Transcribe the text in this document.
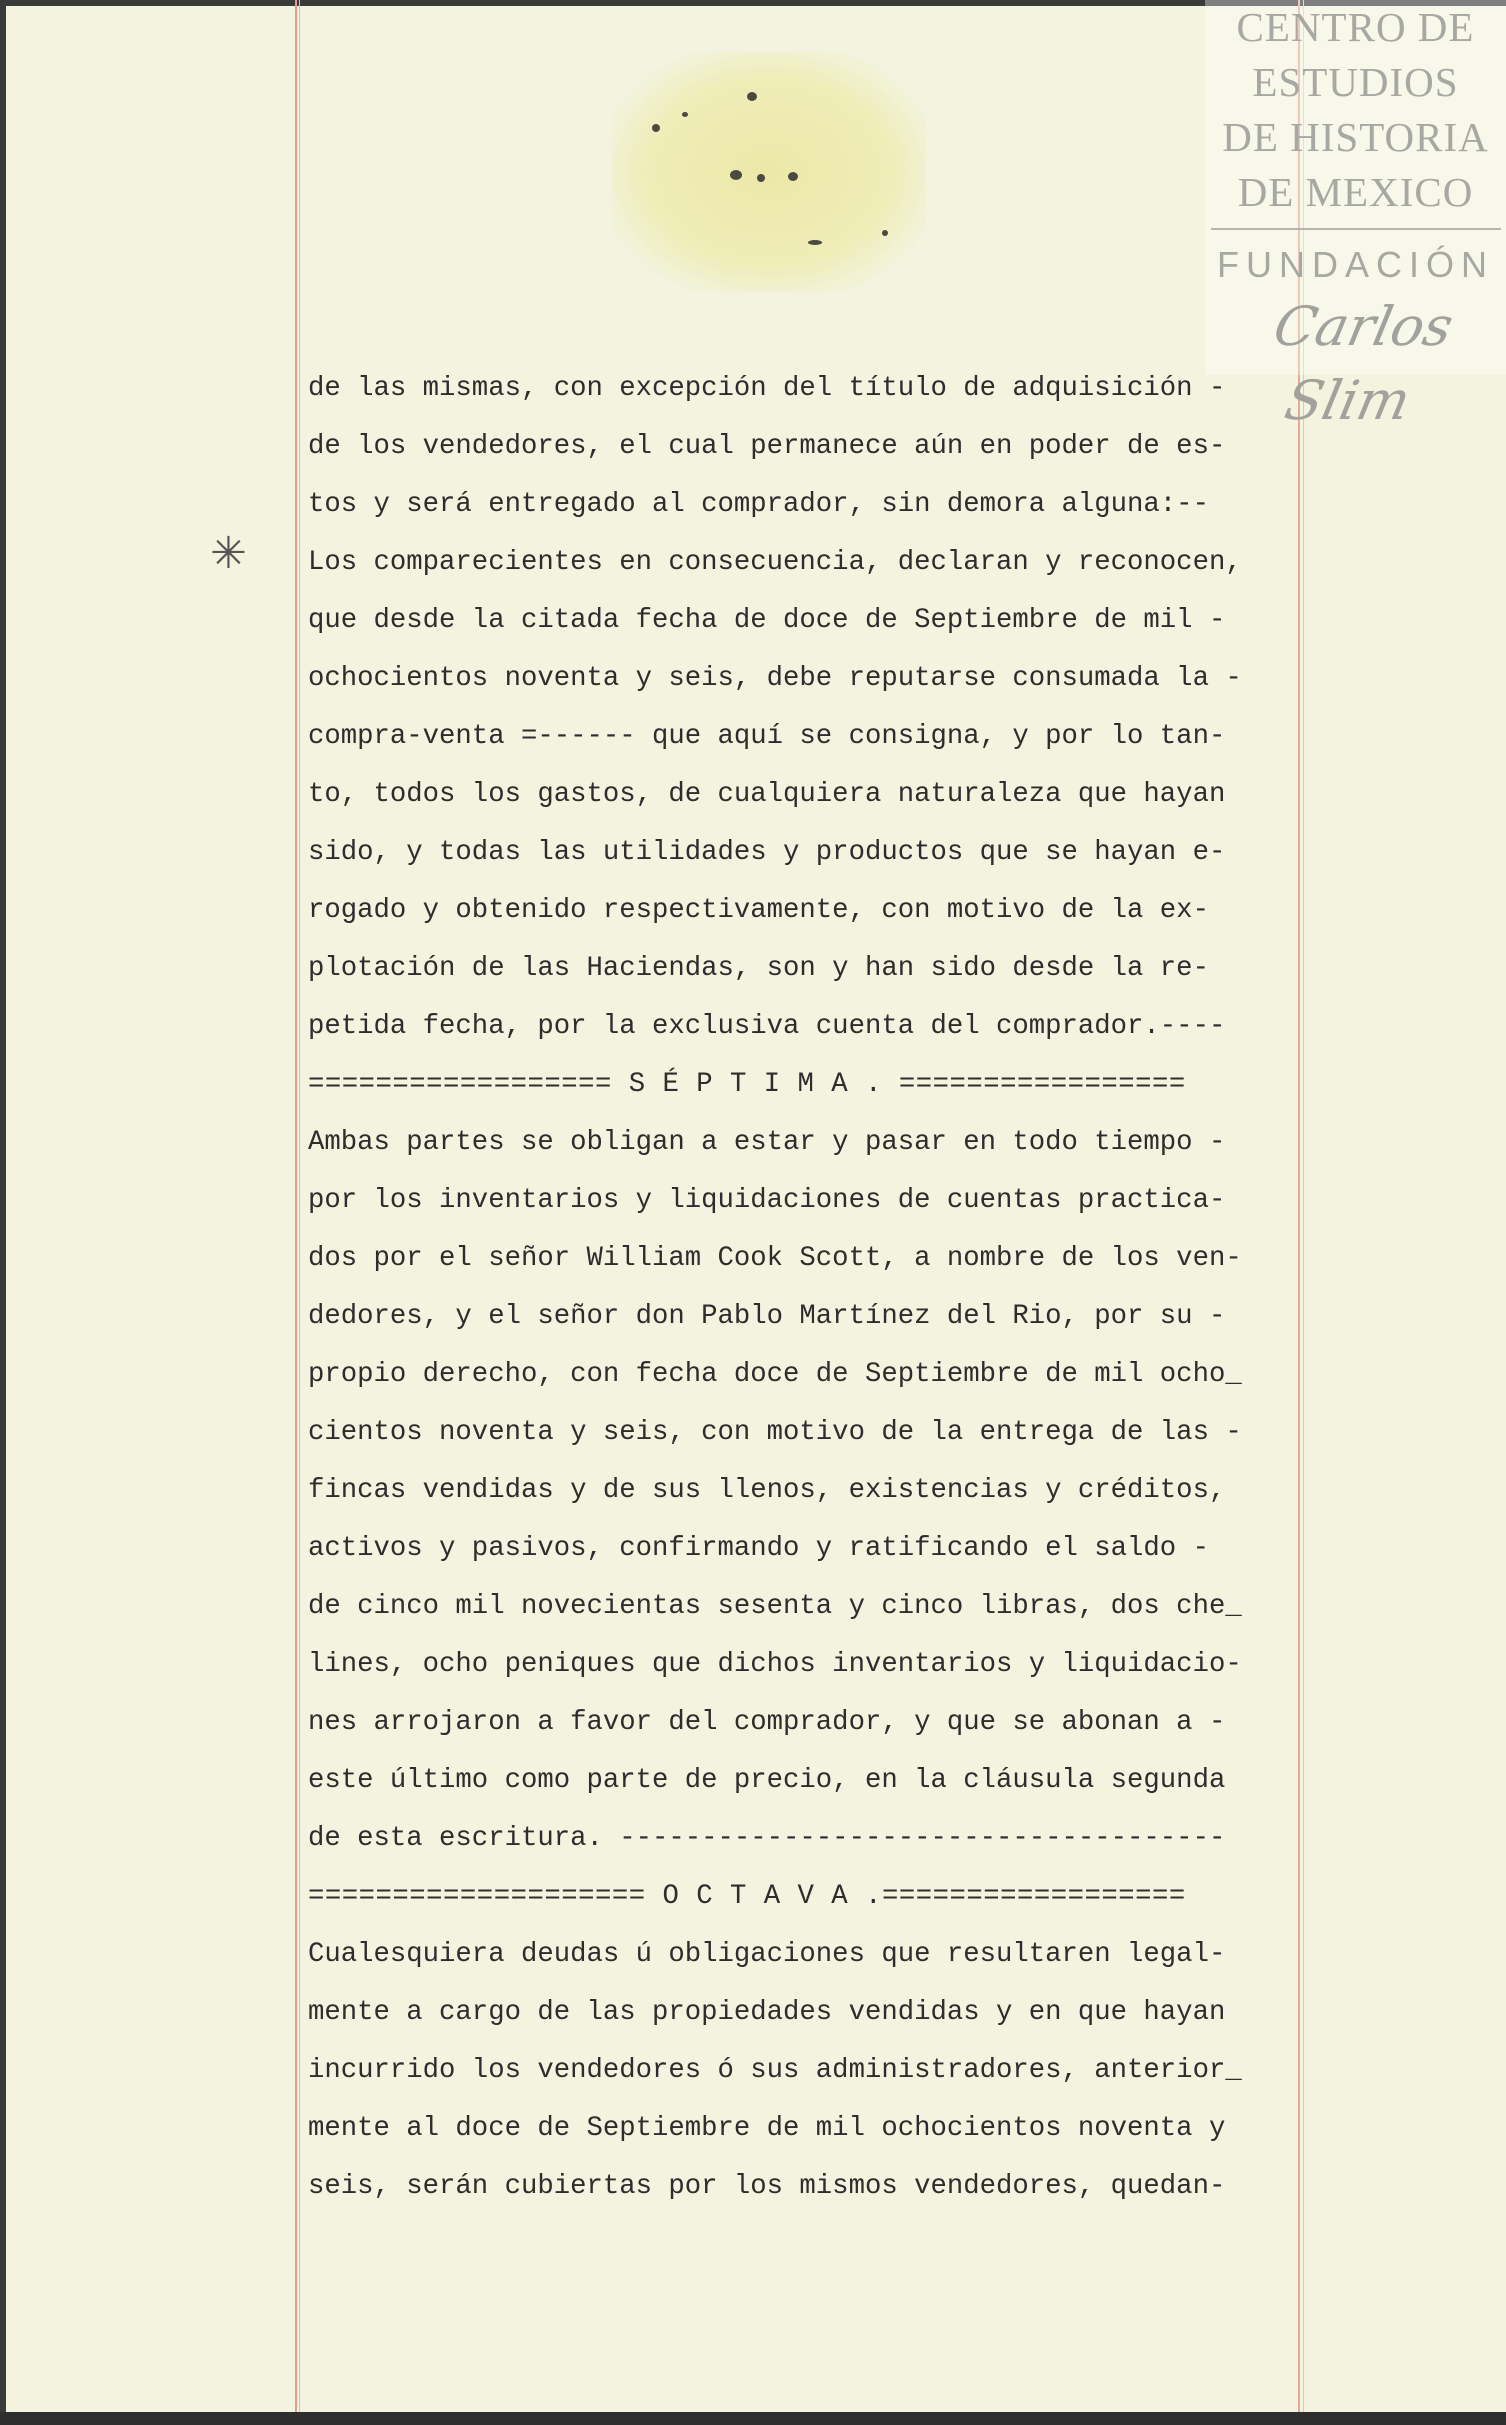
CENTRO DE
ESTUDIOS
DE HISTORIA
DE MEXICO
FUNDACIÓN
Carlos Slim
✳
de las mismas, con excepción del título de adquisición -
de los vendedores, el cual permanece aún en poder de es-
tos y será entregado al comprador, sin demora alguna:--
Los comparecientes en consecuencia, declaran y reconocen,
que desde la citada fecha de doce de Septiembre de mil -
ochocientos noventa y seis, debe reputarse consumada la -
compra-venta =------ que aquí se consigna, y por lo tan-
to, todos los gastos, de cualquiera naturaleza que hayan
sido, y todas las utilidades y productos que se hayan e-
rogado y obtenido respectivamente, con motivo de la ex-
plotación de las Haciendas, son y han sido desde la re-
petida fecha, por la exclusiva cuenta del comprador.----
================== S É P T I M A . =================
Ambas partes se obligan a estar y pasar en todo tiempo -
por los inventarios y liquidaciones de cuentas practica-
dos por el señor William Cook Scott, a nombre de los ven-
dedores, y el señor don Pablo Martínez del Rio, por su -
propio derecho, con fecha doce de Septiembre de mil ocho_
cientos noventa y seis, con motivo de la entrega de las -
fincas vendidas y de sus llenos, existencias y créditos,
activos y pasivos, confirmando y ratificando el saldo -
de cinco mil novecientas sesenta y cinco libras, dos che_
lines, ocho peniques que dichos inventarios y liquidacio-
nes arrojaron a favor del comprador, y que se abonan a -
este último como parte de precio, en la cláusula segunda
de esta escritura. -------------------------------------
==================== O C T A V A .==================
Cualesquiera deudas ú obligaciones que resultaren legal-
mente a cargo de las propiedades vendidas y en que hayan
incurrido los vendedores ó sus administradores, anterior_
mente al doce de Septiembre de mil ochocientos noventa y
seis, serán cubiertas por los mismos vendedores, quedan-
